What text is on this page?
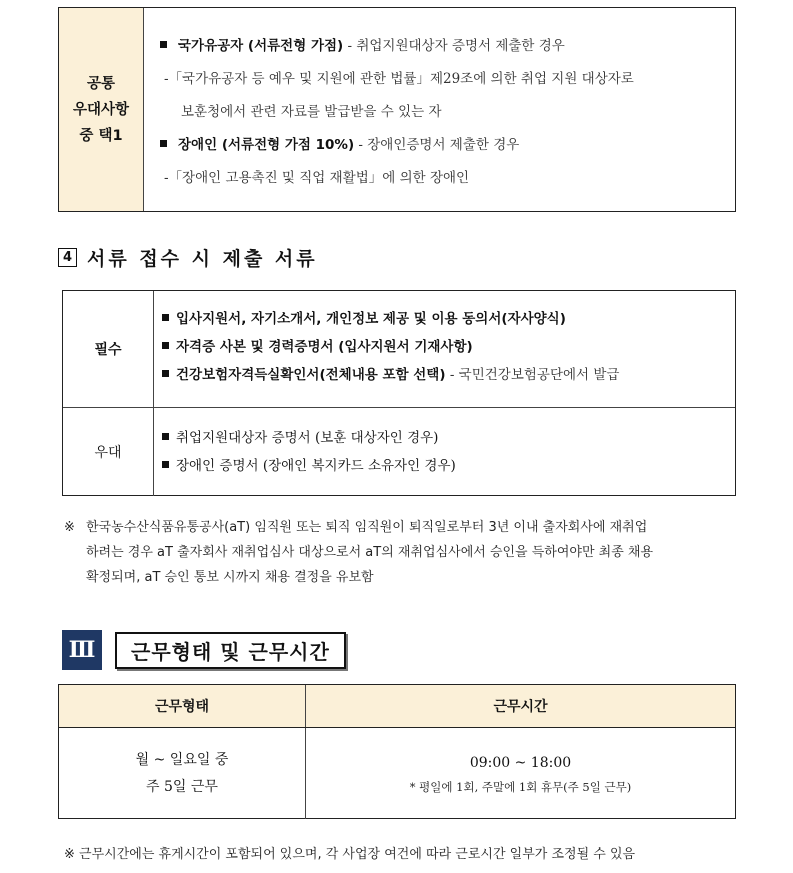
공통
우대사항
중 택1
국가유공자 (서류전형 가점) - 취업지원대상자 증명서 제출한 경우
-「국가유공자 등 예우 및 지원에 관한 법률」제29조에 의한 취업 지원 대상자로
보훈청에서 관련 자료를 발급받을 수 있는 자
장애인 (서류전형 가점 10%) - 장애인증명서 제출한 경우
-「장애인 고용촉진 및 직업 재활법」에 의한 장애인
4 서류 접수 시 제출 서류
필수
입사지원서, 자기소개서, 개인정보 제공 및 이용 동의서(자사양식)
자격증 사본 및 경력증명서 (입사지원서 기재사항)
건강보험자격득실확인서(전체내용 포함 선택) - 국민건강보험공단에서 발급
우대
취업지원대상자 증명서 (보훈 대상자인 경우)
장애인 증명서 (장애인 복지카드 소유자인 경우)
※ 한국농수산식품유통공사(aT) 임직원 또는 퇴직 임직원이 퇴직일로부터 3년 이내 출자회사에 재취업
하려는 경우 aT 출자회사 재취업심사 대상으로서 aT의 재취업심사에서 승인을 득하여야만 최종 채용
확정되며, aT 승인 통보 시까지 채용 결정을 유보함
Ⅲ	근무형태 및 근무시간
근무형태	근무시간
월 ~ 일요일 중
주 5일 근무
09:00 ~ 18:00
* 평일에 1회, 주말에 1회 휴무(주 5일 근무)
※ 근무시간에는 휴게시간이 포함되어 있으며, 각 사업장 여건에 따라 근로시간 일부가 조정될 수 있음
